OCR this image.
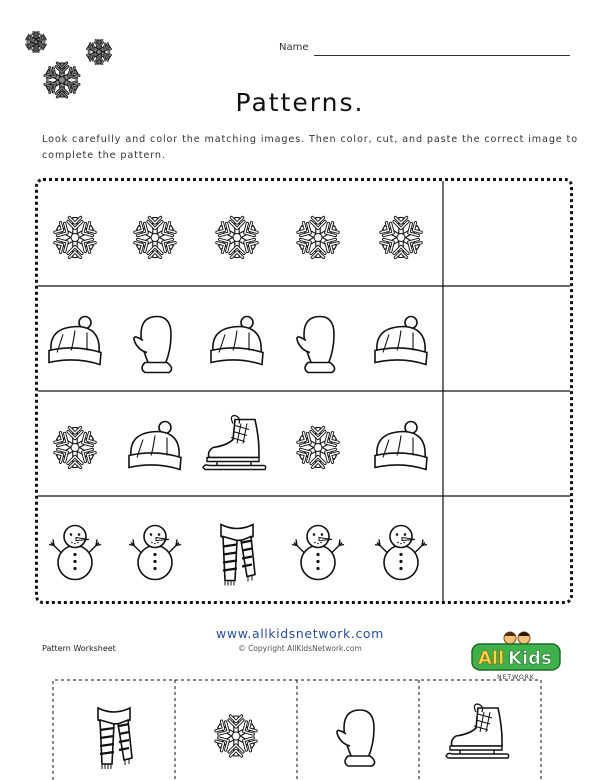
Name
Patterns.
Look carefully and color the matching images. Then color, cut, and paste the correct image to complete the pattern.
Pattern Worksheet
www.allkidsnetwork.com
© Copyright AllKidsNetwork.com	All Kids
NETWORK
